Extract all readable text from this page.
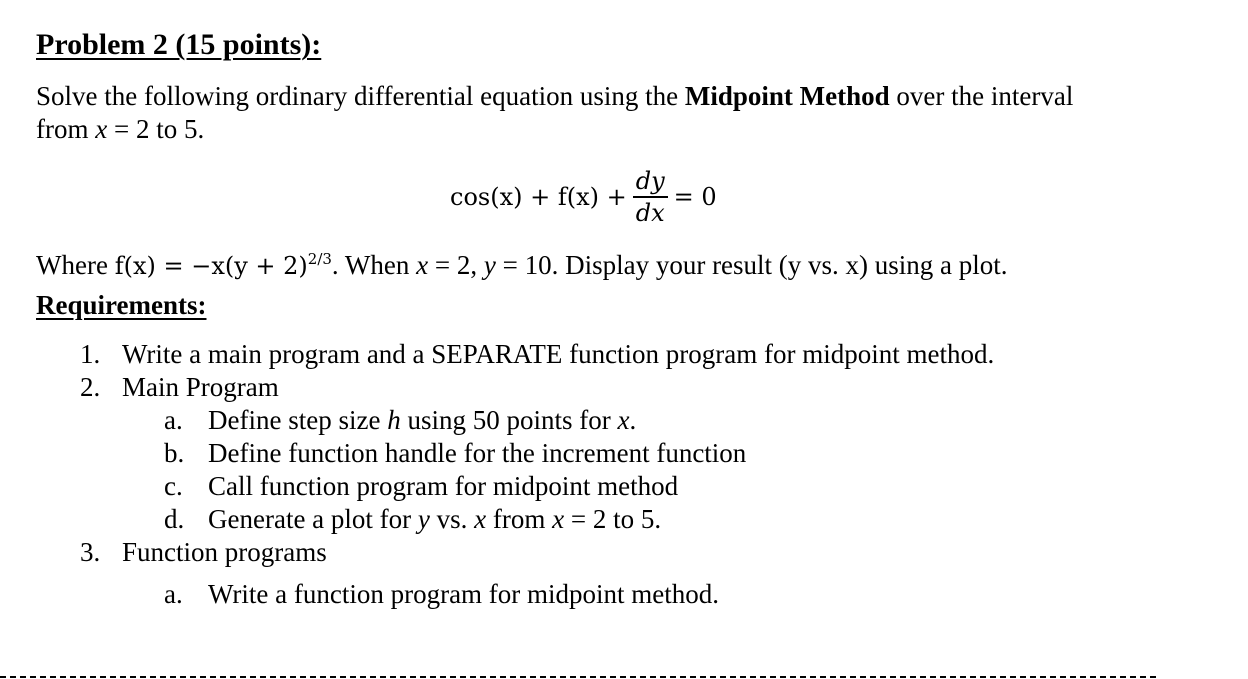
Problem 2 (15 points):
Solve the following ordinary differential equation using the Midpoint Method over the interval
from x = 2 to 5.
$\cos(x) + f(x) + \frac{dy}{dx} = 0$
Where $f(x) = -x(y + 2)^{2/3}$. When x = 2, y = 10. Display your result (y vs. x) using a plot.
Requirements:
1. Write a main program and a SEPARATE function program for midpoint method.
2. Main Program
a. Define step size h using 50 points for x.
b. Define function handle for the increment function
c. Call function program for midpoint method
d. Generate a plot for y vs. x from x = 2 to 5.
3. Function programs
a. Write a function program for midpoint method.
